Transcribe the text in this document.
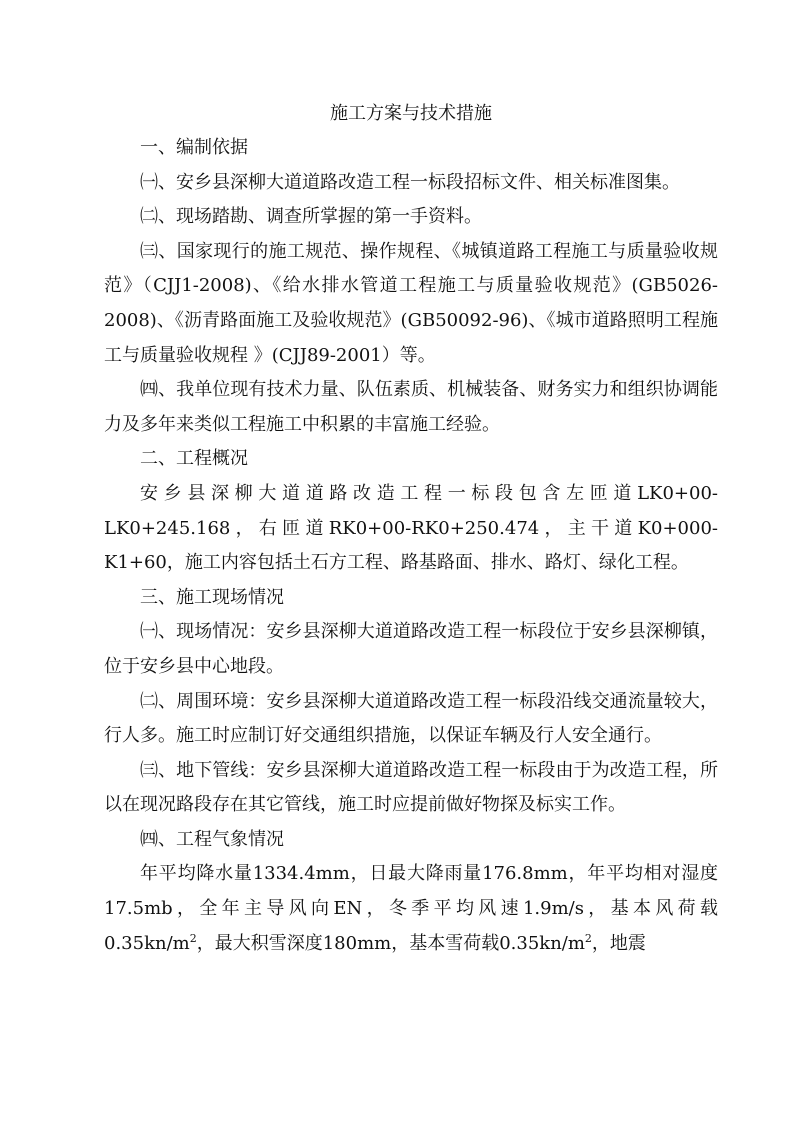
施工方案与技术措施

一、编制依据

㈠、安乡县深柳大道道路改造工程一标段招标文件、相关标准图集。

㈡、现场踏勘、调查所掌握的第一手资料。

㈢、国家现行的施工规范、操作规程、《城镇道路工程施工与质量验收规范》（CJJ1-2008)、《给水排水管道工程施工与质量验收规范》(GB5026-2008)、《沥青路面施工及验收规范》(GB50092-96)、《城市道路照明工程施工与质量验收规程 》(CJJ89-2001）等。

㈣、我单位现有技术力量、队伍素质、机械装备、财务实力和组织协调能力及多年来类似工程施工中积累的丰富施工经验。

二、工程概况

安乡县深柳大道道路改造工程一标段包含左匝道LK0+00-LK0+245.168，右匝道RK0+00-RK0+250.474，主干道K0+000-K1+60，施工内容包括土石方工程、路基路面、排水、路灯、绿化工程。

三、施工现场情况

㈠、现场情况：安乡县深柳大道道路改造工程一标段位于安乡县深柳镇，位于安乡县中心地段。

㈡、周围环境：安乡县深柳大道道路改造工程一标段沿线交通流量较大，行人多。施工时应制订好交通组织措施，以保证车辆及行人安全通行。

㈢、地下管线：安乡县深柳大道道路改造工程一标段由于为改造工程，所以在现况路段存在其它管线，施工时应提前做好物探及标实工作。

㈣、工程气象情况

年平均降水量1334.4mm，日最大降雨量176.8mm，年平均相对湿度17.5mb，全年主导风向EN，冬季平均风速1.9m/s，基本风荷载$0.35kn/m^2$，最大积雪深度180mm，基本雪荷载$0.35kn/m^2$，地震
